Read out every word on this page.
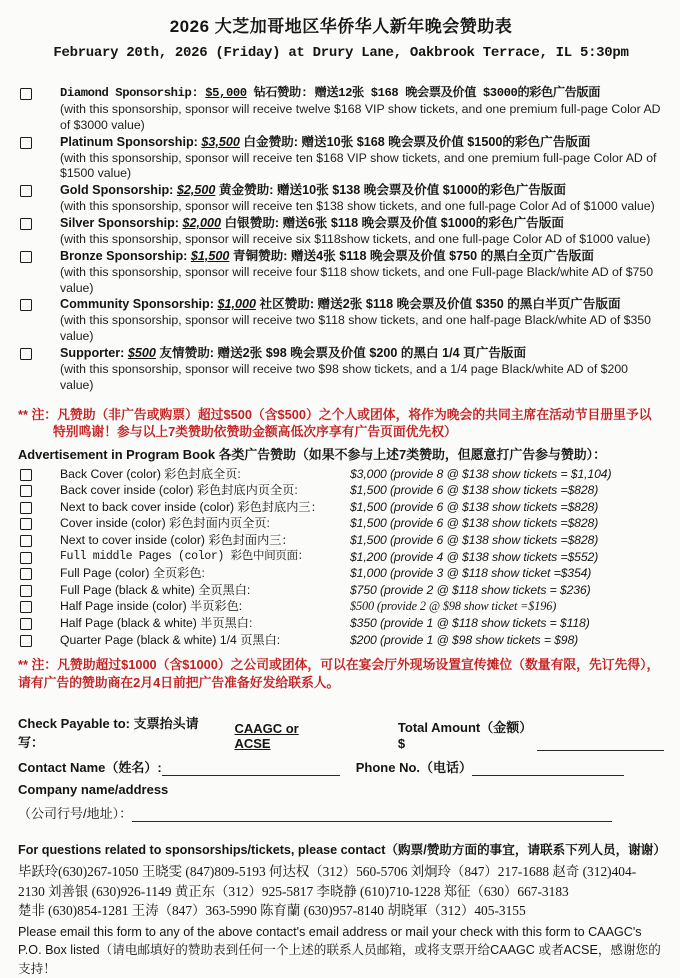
2026 大芝加哥地区华侨华人新年晚会赞助表
February 20th, 2026 (Friday) at Drury Lane, Oakbrook Terrace, IL 5:30pm
Diamond Sponsorship: $5,000 钻石赞助: 赠送12张 $168 晚会票及价值 $3000的彩色广告版面
(with this sponsorship, sponsor will receive twelve $168 VIP show tickets, and one premium full-page Color AD of $3000 value)
Platinum Sponsorship: $3,500 白金赞助: 赠送10张 $168 晚会票及价值 $1500的彩色广告版面
(with this sponsorship, sponsor will receive ten $168 VIP show tickets, and one premium full-page Color AD of $1500 value)
Gold Sponsorship: $2,500 黄金赞助: 赠送10张 $138 晚会票及价值 $1000的彩色广告版面
(with this sponsorship, sponsor will receive ten $138 show tickets, and one full-page Color Ad of $1000 value)
Silver Sponsorship: $2,000 白银赞助: 赠送6张 $118 晚会票及价值 $1000的彩色广告版面
(with this sponsorship, sponsor will receive six $118show tickets, and one full-page Color AD of $1000 value)
Bronze Sponsorship: $1,500 青铜赞助: 赠送4张 $118 晚会票及价值 $750 的黑白全页广告版面
(with this sponsorship, sponsor will receive four $118 show tickets, and one Full-page Black/white AD of $750 value)
Community Sponsorship: $1,000 社区赞助: 赠送2张 $118 晚会票及价值 $350 的黑白半页广告版面
(with this sponsorship, sponsor will receive two $118 show tickets, and one half-page Black/white AD of $350 value)
Supporter: $500 友情赞助: 赠送2张 $98 晚会票及价值 $200 的黑白 1/4 頁广告版面
(with this sponsorship, sponsor will receive two $98 show tickets, and a 1/4 page Black/white AD of $200 value)
** 注：凡赞助（非广告或购票）超过$500（含$500）之个人或团体，将作为晚会的共同主席在活动节目册里予以
特别鸣谢！参与以上7类赞助依赞助金额高低次序享有广告页面优先权）
Advertisement in Program Book 各类广告赞助（如果不参与上述7类赞助，但愿意打广告参与赞助）：
Back Cover (color) 彩色封底全页:	$3,000 (provide 8 @ $138 show tickets = $1,104)
Back cover inside (color) 彩色封底内页全页:	$1,500 (provide 6 @ $138 show tickets =$828)
Next to back cover inside (color) 彩色封底内三：	$1,500 (provide 6 @ $138 show tickets =$828)
Cover inside (color) 彩色封面内页全页:	$1,500 (provide 6 @ $138 show tickets =$828)
Next to cover inside (color) 彩色封面内三：	$1,500 (provide 6 @ $138 show tickets =$828)
Full middle Pages (color) 彩色中间页面：	$1,200 (provide 4 @ $138 show tickets =$552)
Full Page (color) 全页彩色:	$1,000 (provide 3 @ $118 show ticket =$354)
Full Page (black & white) 全页黑白:	$750 (provide 2 @ $118 show tickets = $236)
Half Page inside (color) 半页彩色:	$500 (provide 2 @ $98 show ticket =$196)
Half Page (black & white) 半页黑白:	$350 (provide 1 @ $118 show tickets = $118)
Quarter Page (black & white) 1/4 页黑白:	$200 (provide 1 @ $98 show tickets = $98)
** 注：凡赞助超过$1000（含$1000）之公司或团体，可以在宴会厅外现场设置宣传摊位（数量有限，先订先得），
请有广告的赞助商在2月4日前把广告准备好发给联系人。
Check Payable to: 支票抬头请写：
CAAGC or ACSE
Total Amount（金额）$
Contact Name（姓名）:	Phone No.（电话）
Company name/address
（公司行号/地址）：
For questions related to sponsorships/tickets, please contact（购票/赞助方面的事宜，请联系下列人员，谢谢）
毕跃玲(630)267-1050 王晓雯 (847)809-5193 何达权（312）560-5706 刘炯玲（847）217-1688 赵奇 (312)404-
2130 刘善银 (630)926-1149 黄正东（312）925-5817 李晓静 (610)710-1228 郑征（630）667-3183
楚非 (630)854-1281 王涛（847）363-5990 陈育蘭 (630)957-8140 胡晓軍（312）405-3155
Please email this form to any of the above contact's email address or mail your check with this form to CAAGC's P.O. Box listed（请电邮填好的赞助表到任何一个上述的联系人员邮箱，或将支票开给CAAGC 或者ACSE，感谢您的支持！
